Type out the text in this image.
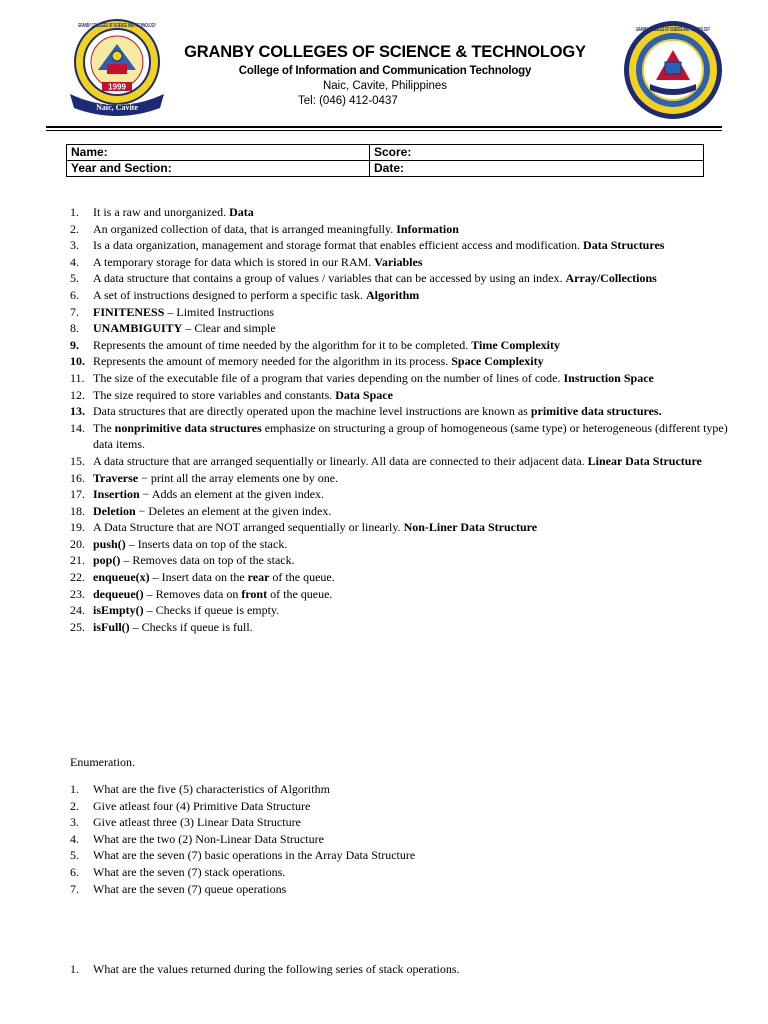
1999
GRANBY COLLEGES OF SCIENCE AND TECHNOLOGY
Naic, Cavite
GRANBY COLLEGES OF SCIENCE & TECHNOLOGY
College of Information and Communication Technology
Naic, Cavite, Philippines
Tel: (046) 412-0437
GRANBY COLLEGES OF SCIENCE AND TECHNOLOGY
Name:	Score:
Year and Section:	Date:
1. It is a raw and unorganized. Data
2. An organized collection of data, that is arranged meaningfully. Information
3. Is a data organization, management and storage format that enables efficient access and modification. Data Structures
4. A temporary storage for data which is stored in our RAM. Variables
5. A data structure that contains a group of values / variables that can be accessed by using an index. Array/Collections
6. A set of instructions designed to perform a specific task. Algorithm
7. FINITENESS – Limited Instructions
8. UNAMBIGUITY – Clear and simple
9. Represents the amount of time needed by the algorithm for it to be completed. Time Complexity
10. Represents the amount of memory needed for the algorithm in its process. Space Complexity
11. The size of the executable file of a program that varies depending on the number of lines of code. Instruction Space
12. The size required to store variables and constants. Data Space
13. Data structures that are directly operated upon the machine level instructions are known as primitive data structures.
14. The nonprimitive data structures emphasize on structuring a group of homogeneous (same type) or heterogeneous (different type) data items.
15. A data structure that are arranged sequentially or linearly. All data are connected to their adjacent data. Linear Data Structure
16. Traverse − print all the array elements one by one.
17. Insertion − Adds an element at the given index.
18. Deletion − Deletes an element at the given index.
19. A Data Structure that are NOT arranged sequentially or linearly. Non-Liner Data Structure
20. push() – Inserts data on top of the stack.
21. pop() – Removes data on top of the stack.
22. enqueue(x) – Insert data on the rear of the queue.
23. dequeue() – Removes data on front of the queue.
24. isEmpty() – Checks if queue is empty.
25. isFull() – Checks if queue is full.
Enumeration.
1. What are the five (5) characteristics of Algorithm
2. Give atleast four (4) Primitive Data Structure
3. Give atleast three (3) Linear Data Structure
4. What are the two (2) Non-Linear Data Structure
5. What are the seven (7) basic operations in the Array Data Structure
6. What are the seven (7) stack operations.
7. What are the seven (7) queue operations
1. What are the values returned during the following series of stack operations.
